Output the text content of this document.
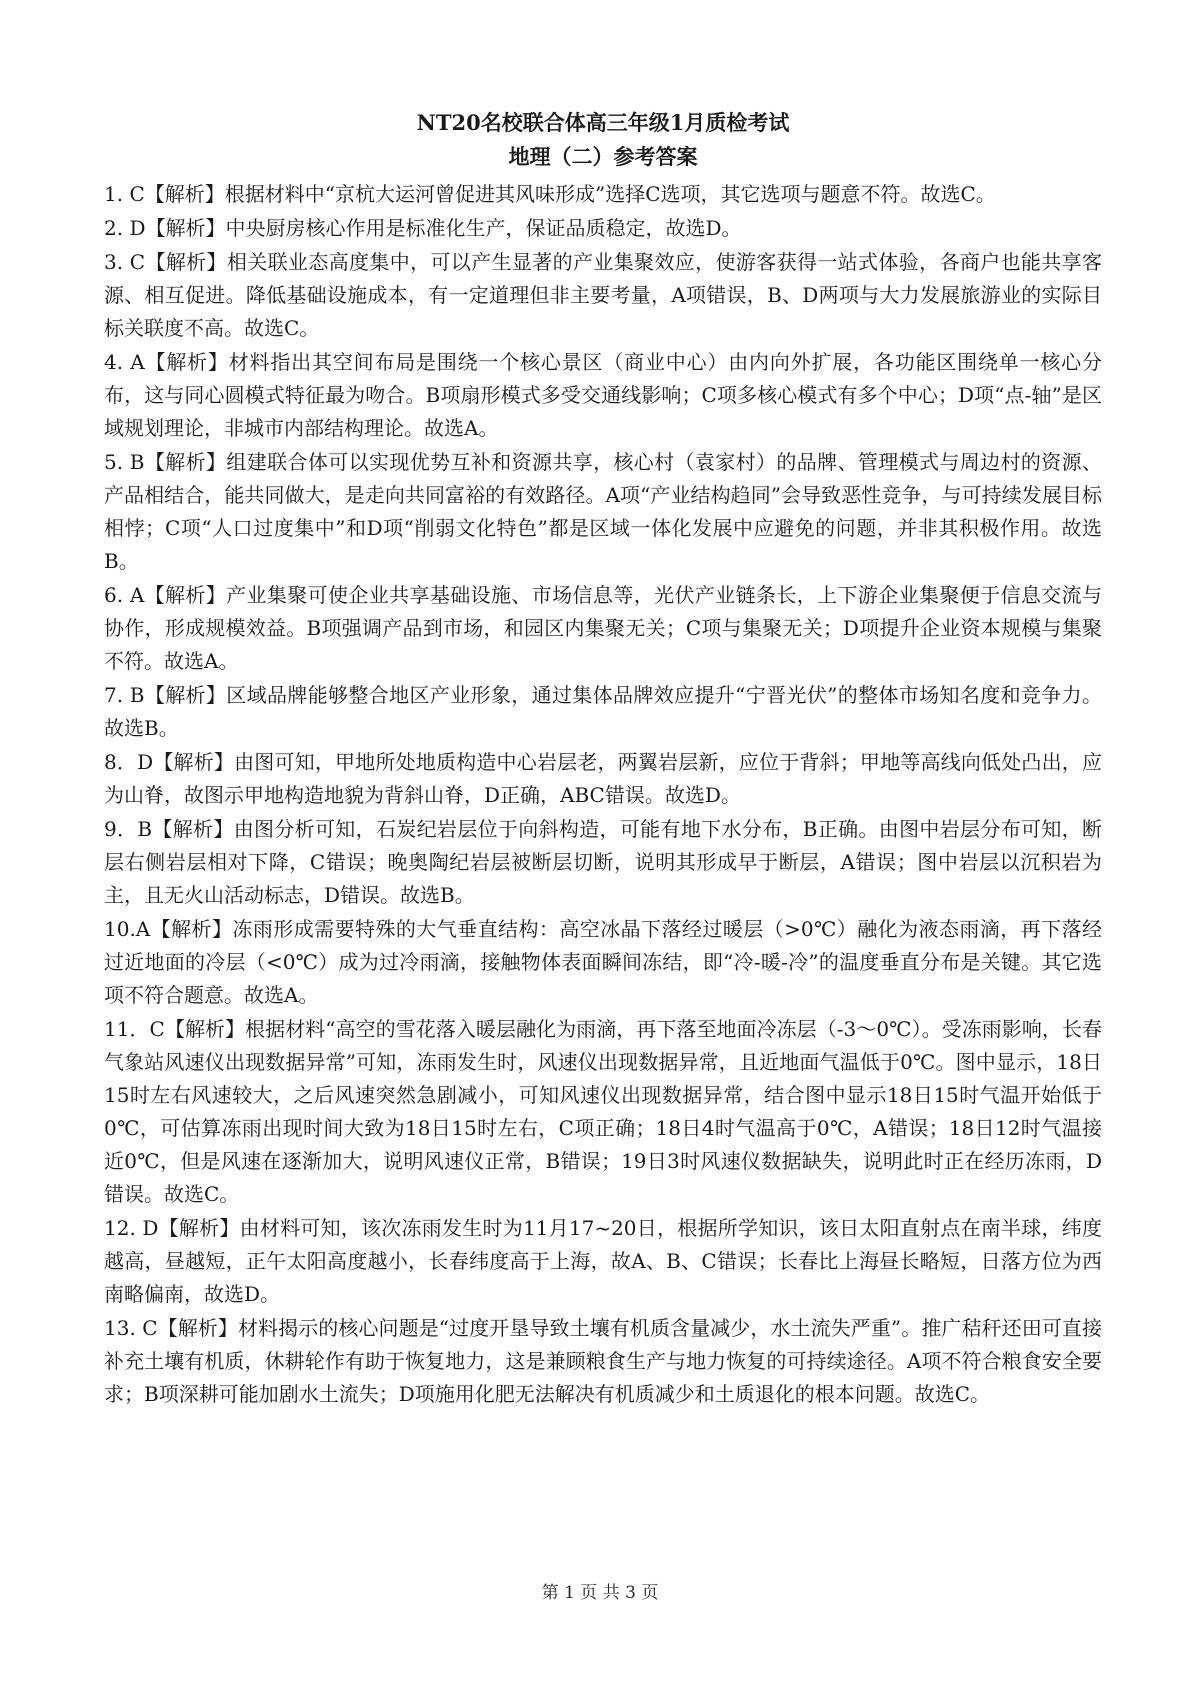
NT20名校联合体高三年级1月质检考试

地理（二）参考答案

1. C【解析】根据材料中“京杭大运河曾促进其风味形成”选择C选项，其它选项与题意不符。故选C。

2. D【解析】中央厨房核心作用是标准化生产，保证品质稳定，故选D。

3. C【解析】相关联业态高度集中，可以产生显著的产业集聚效应，使游客获得一站式体验，各商户也能共享客源、相互促进。降低基础设施成本，有一定道理但非主要考量，A项错误，B、D两项与大力发展旅游业的实际目标关联度不高。故选C。

4. A【解析】材料指出其空间布局是围绕一个核心景区（商业中心）由内向外扩展，各功能区围绕单一核心分布，这与同心圆模式特征最为吻合。B项扇形模式多受交通线影响；C项多核心模式有多个中心；D项“点-轴”是区域规划理论，非城市内部结构理论。故选A。

5. B【解析】组建联合体可以实现优势互补和资源共享，核心村（袁家村）的品牌、管理模式与周边村的资源、产品相结合，能共同做大，是走向共同富裕的有效路径。A项“产业结构趋同”会导致恶性竞争，与可持续发展目标相悖；C项“人口过度集中”和D项“削弱文化特色”都是区域一体化发展中应避免的问题，并非其积极作用。故选B。

6. A【解析】产业集聚可使企业共享基础设施、市场信息等，光伏产业链条长，上下游企业集聚便于信息交流与协作，形成规模效益。B项强调产品到市场，和园区内集聚无关；C项与集聚无关；D项提升企业资本规模与集聚不符。故选A。

7. B【解析】区域品牌能够整合地区产业形象，通过集体品牌效应提升“宁晋光伏”的整体市场知名度和竞争力。故选B。

8．D【解析】由图可知，甲地所处地质构造中心岩层老，两翼岩层新，应位于背斜；甲地等高线向低处凸出，应为山脊，故图示甲地构造地貌为背斜山脊，D正确，ABC错误。故选D。

9．B【解析】由图分析可知，石炭纪岩层位于向斜构造，可能有地下水分布，B正确。由图中岩层分布可知，断层右侧岩层相对下降，C错误；晚奥陶纪岩层被断层切断，说明其形成早于断层，A错误；图中岩层以沉积岩为主，且无火山活动标志，D错误。故选B。

10.A【解析】冻雨形成需要特殊的大气垂直结构：高空冰晶下落经过暖层（>0℃）融化为液态雨滴，再下落经过近地面的冷层（<0℃）成为过冷雨滴，接触物体表面瞬间冻结，即“冷-暖-冷”的温度垂直分布是关键。其它选项不符合题意。故选A。

11．C【解析】根据材料“高空的雪花落入暖层融化为雨滴，再下落至地面冷冻层（-3～0℃）。受冻雨影响，长春气象站风速仪出现数据异常”可知，冻雨发生时，风速仪出现数据异常，且近地面气温低于0℃。图中显示，18日15时左右风速较大，之后风速突然急剧减小，可知风速仪出现数据异常，结合图中显示18日15时气温开始低于0℃，可估算冻雨出现时间大致为18日15时左右，C项正确；18日4时气温高于0℃，A错误；18日12时气温接近0℃，但是风速在逐渐加大，说明风速仪正常，B错误；19日3时风速仪数据缺失，说明此时正在经历冻雨，D错误。故选C。

12. D【解析】由材料可知，该次冻雨发生时为11月17~20日，根据所学知识，该日太阳直射点在南半球，纬度越高，昼越短，正午太阳高度越小，长春纬度高于上海，故A、B、C错误；长春比上海昼长略短，日落方位为西南略偏南，故选D。

13. C【解析】材料揭示的核心问题是“过度开垦导致土壤有机质含量减少，水土流失严重”。推广秸秆还田可直接补充土壤有机质，休耕轮作有助于恢复地力，这是兼顾粮食生产与地力恢复的可持续途径。A项不符合粮食安全要求；B项深耕可能加剧水土流失；D项施用化肥无法解决有机质减少和土质退化的根本问题。故选C。

第 1 页 共 3 页
